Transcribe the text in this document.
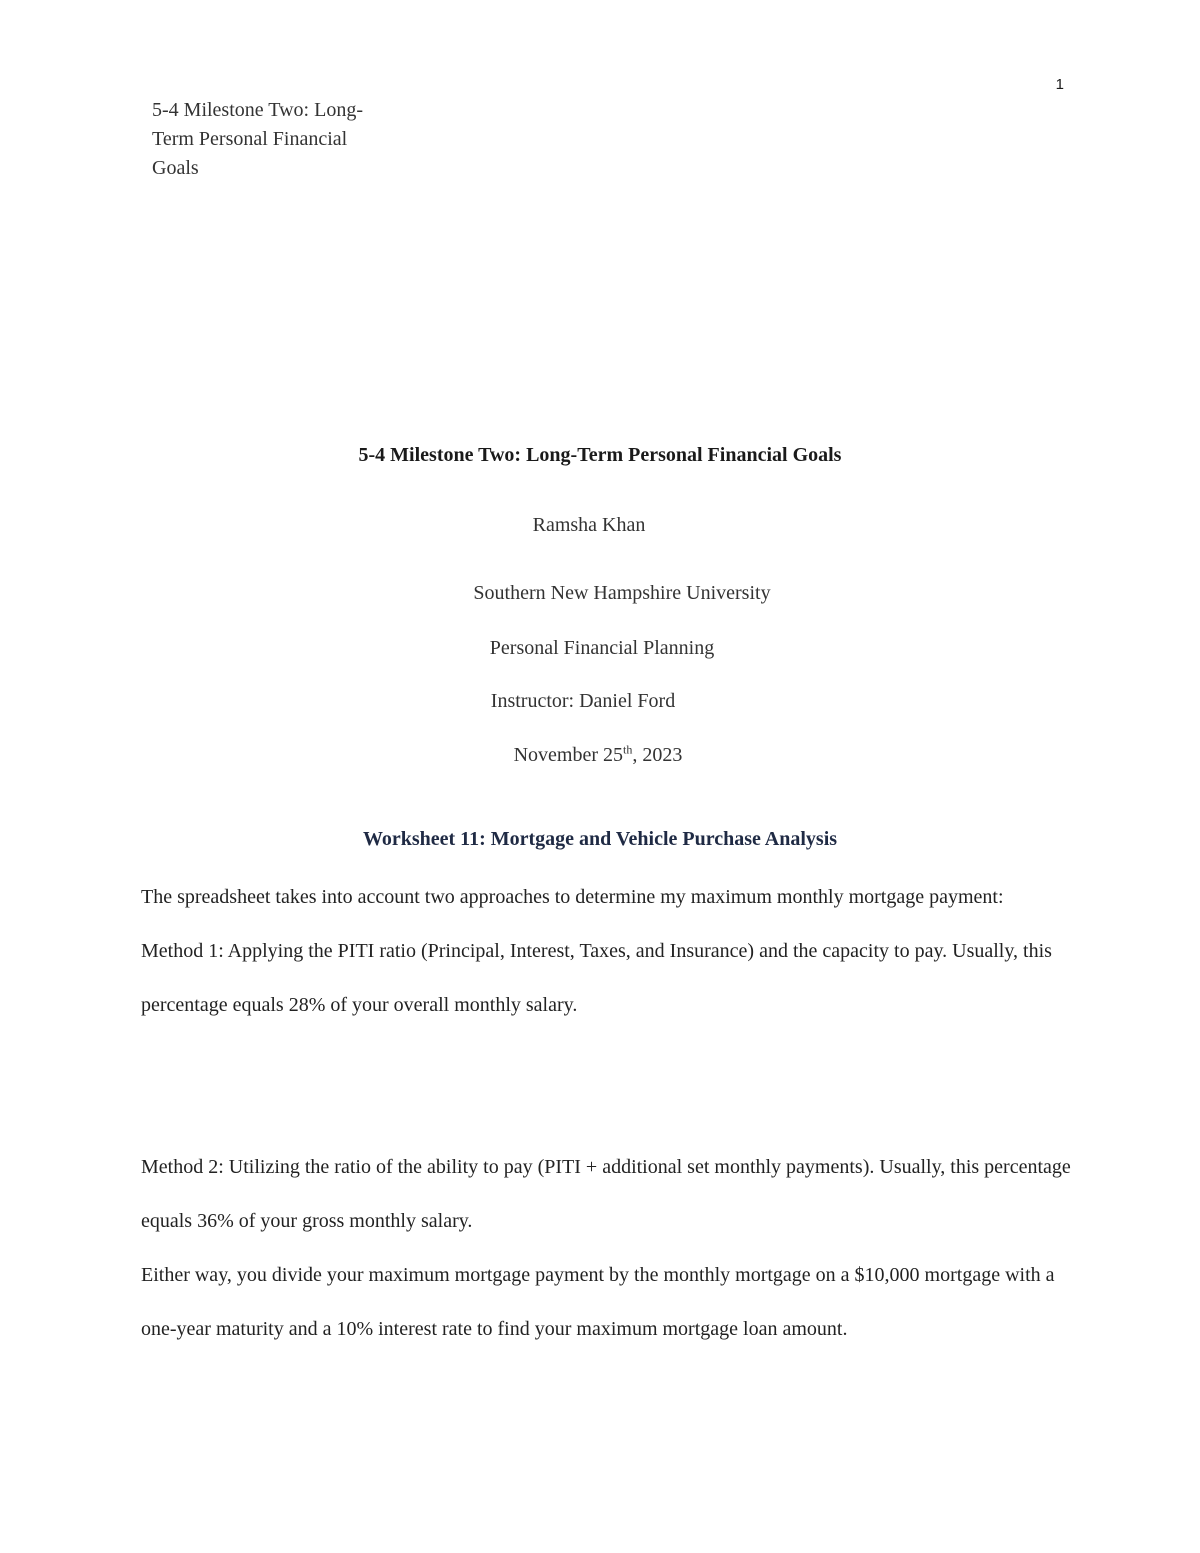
1
5-4 Milestone Two: Long-
Term Personal Financial
Goals
5-4 Milestone Two: Long-Term Personal Financial Goals
Ramsha Khan
Southern New Hampshire University
Personal Financial Planning
Instructor: Daniel Ford
November 25th, 2023
Worksheet 11: Mortgage and Vehicle Purchase Analysis

The spreadsheet takes into account two approaches to determine my maximum monthly mortgage payment:

Method 1: Applying the PITI ratio (Principal, Interest, Taxes, and Insurance) and the capacity to pay. Usually, this percentage equals 28% of your overall monthly salary.

Method 2: Utilizing the ratio of the ability to pay (PITI + additional set monthly payments). Usually, this percentage equals 36% of your gross monthly salary.

Either way, you divide your maximum mortgage payment by the monthly mortgage on a $10,000 mortgage with a one-year maturity and a 10% interest rate to find your maximum mortgage loan amount.
